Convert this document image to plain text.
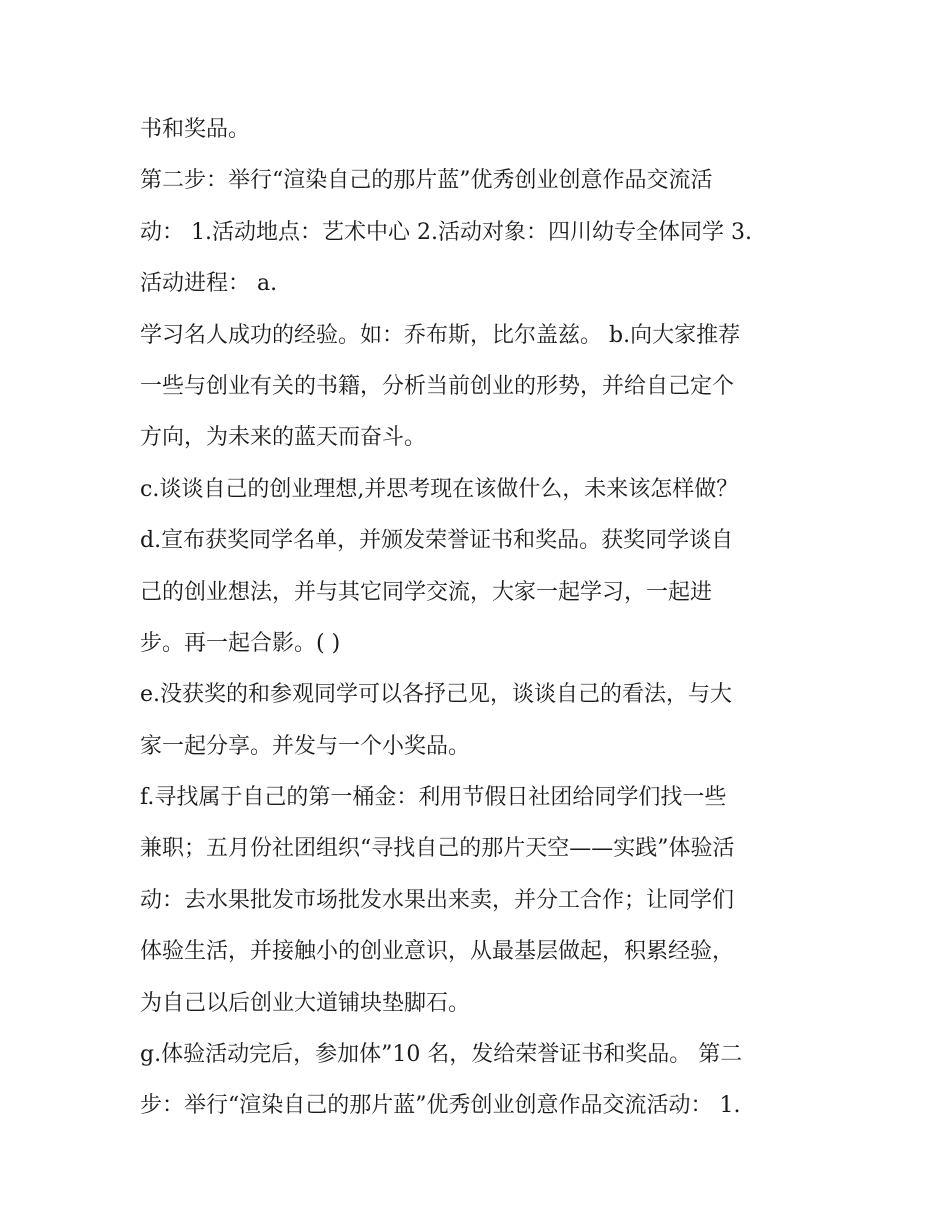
书和奖品。
第二步：举行“渲染自己的那片蓝”优秀创业创意作品交流活
动： 1.活动地点：艺术中心 2.活动对象：四川幼专全体同学 3.
活动进程： a.
学习名人成功的经验。如：乔布斯，比尔盖兹。 b.向大家推荐
一些与创业有关的书籍，分析当前创业的形势，并给自己定个
方向，为未来的蓝天而奋斗。
c.谈谈自己的创业理想,并思考现在该做什么，未来该怎样做？
d.宣布获奖同学名单，并颁发荣誉证书和奖品。获奖同学谈自
己的创业想法，并与其它同学交流，大家一起学习，一起进
步。再一起合影。( )
e.没获奖的和参观同学可以各抒己见，谈谈自己的看法，与大
家一起分享。并发与一个小奖品。
f.寻找属于自己的第一桶金：利用节假日社团给同学们找一些
兼职；五月份社团组织“寻找自己的那片天空——实践”体验活
动：去水果批发市场批发水果出来卖，并分工合作；让同学们
体验生活，并接触小的创业意识，从最基层做起，积累经验，
为自己以后创业大道铺块垫脚石。
g.体验活动完后，参加体”10 名，发给荣誉证书和奖品。 第二
步：举行“渲染自己的那片蓝”优秀创业创意作品交流活动： 1.
